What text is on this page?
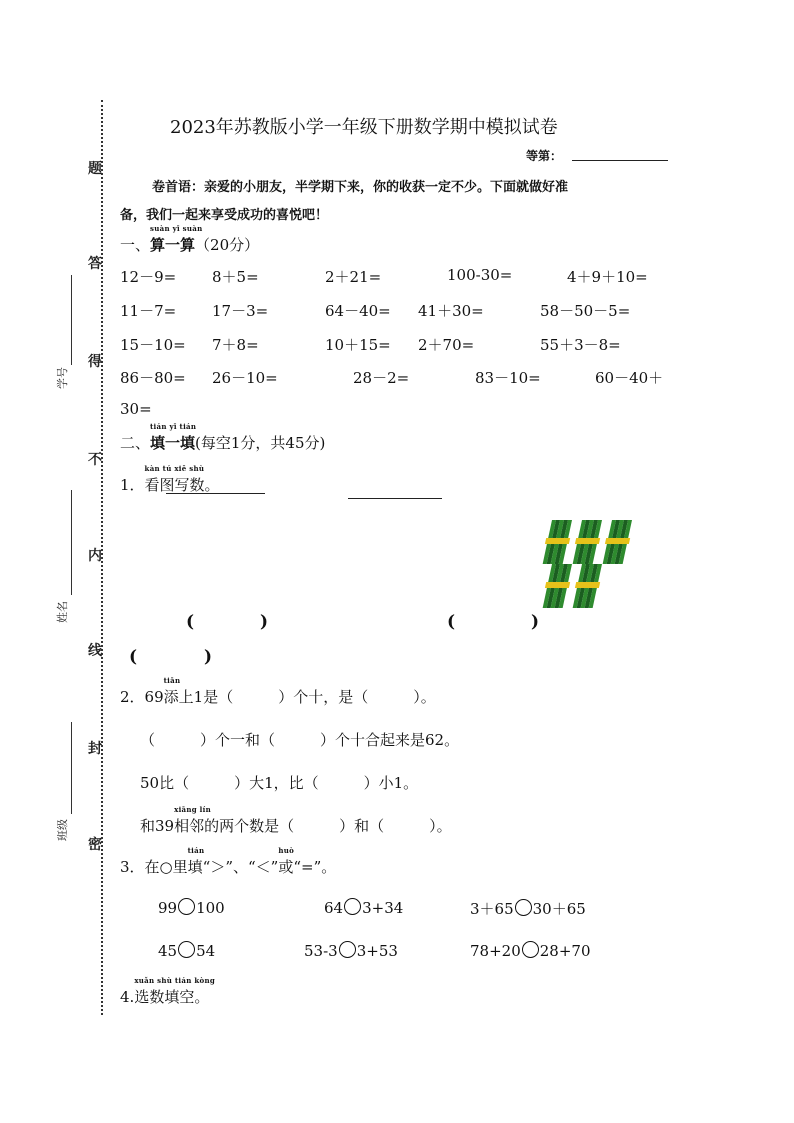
题
答
得
不
内
线
封
密
学号
姓名
班级
2023年苏教版小学一年级下册数学期中模拟试卷
等第：
卷首语：亲爱的小朋友，半学期下来，你的收获一定不少。下面就做好准
备，我们一起来享受成功的喜悦吧！
一、
suàn yī suàn
算一算（20分）
12－9= 8＋5=	2＋21=	100-30=	4＋9＋10=
11－7= 17－3=	64－40= 41＋30=	58－50－5=
15－10= 7＋8=	10＋15= 2＋70=	55＋3－8=
86－80= 26－10=	28－2=	83－10=	60－40＋
30=
二、
tián yī tián
填一填(每空1分，共45分)
1．
kàn tú xiě shù
看图写数。
(	)	(	)
(	)
2．69
tiān
添上1是（　　　）个十，是（　　　）。
（　　　）个一和（　　　）个十合起来是62。
50比（　　　）大1，比（　　　）小1。
和39
xiāng lín
相邻的两个数是（　　　）和（　　　）。
3．在○里
tián
填“＞”、“＜”
huò
或“=”。
99 100	64 3+34	3＋65 30＋65
45 54	53-3 3+53	78+20 28+70
4.
xuǎn shù tián kòng
选数填空。
